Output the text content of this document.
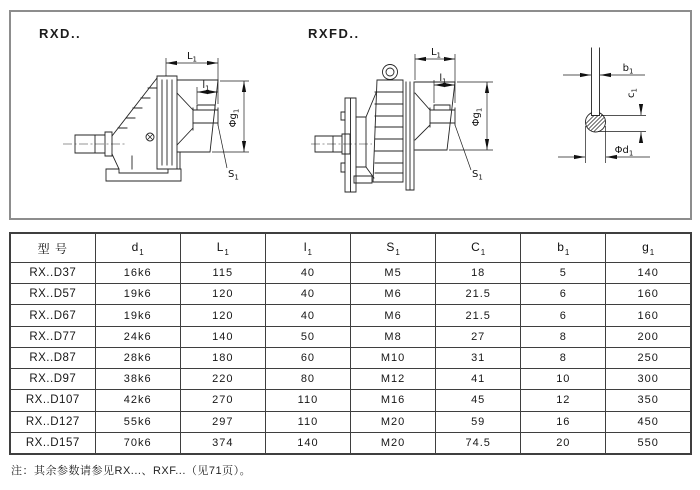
RXD..	RXFD..
$L_1$
$l_1$
$\Phi g_1$
$S_1$
$L_1$
$l_1$
$\Phi g_1$
$S_1$
$b_1$
$c_1$
$\Phi d_1$
型 号	$d_1$	$L_1$	$l_1$	$S_1$	$C_1$	$b_1$	$g_1$
RX..D37	16k6	115	40	M5	18	5	140
RX..D57	19k6	120	40	M6	21.5	6	160
RX..D67	19k6	120	40	M6	21.5	6	160
RX..D77	24k6	140	50	M8	27	8	200
RX..D87	28k6	180	60	M10	31	8	250
RX..D97	38k6	220	80	M12	41	10	300
RX..D107	42k6	270	110	M16	45	12	350
RX..D127	55k6	297	110	M20	59	16	450
RX..D157	70k6	374	140	M20	74.5	20	550
注：其余参数请参见RX...、RXF...（见71页）。
